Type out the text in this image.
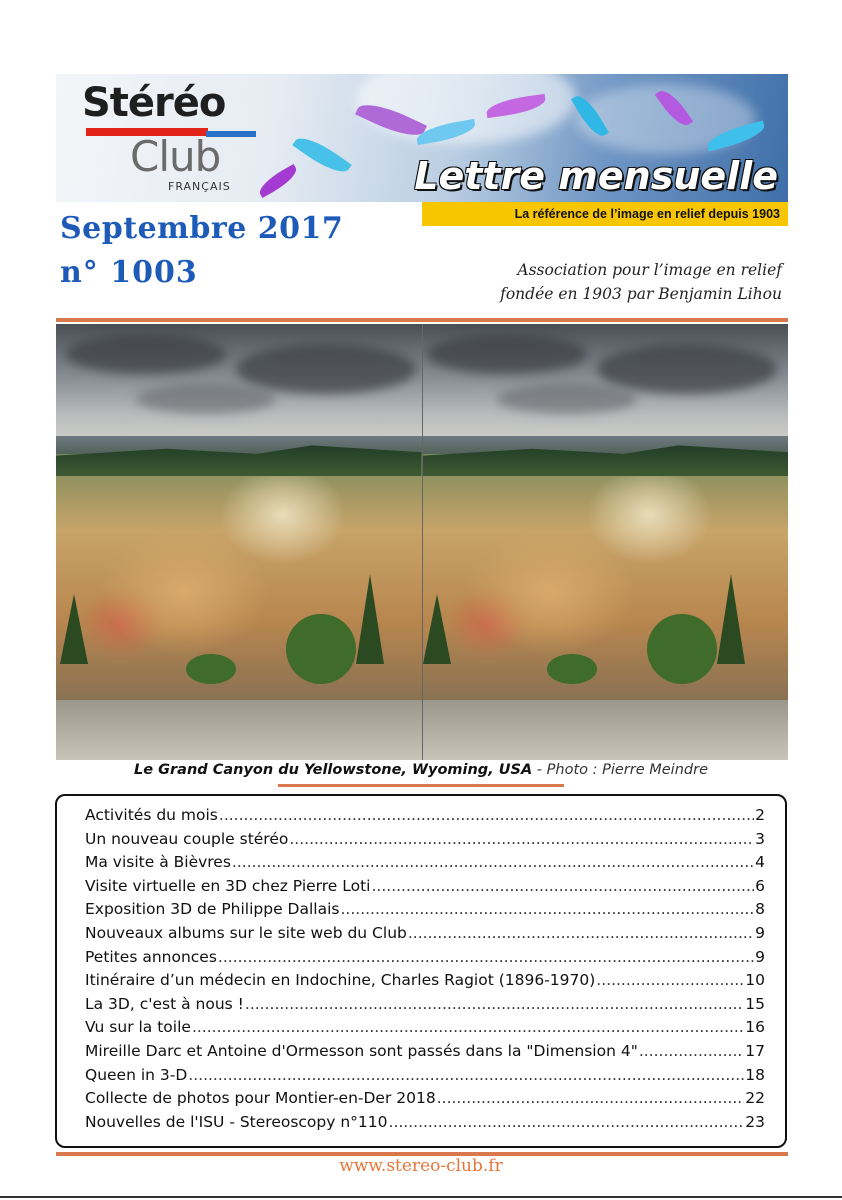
Stéréo
Club
FRANÇAIS	Lettre mensuelle
La référence de l’image en relief depuis 1903
Septembre 2017
n° 1003	Association pour l’image en relief
fondée en 1903 par Benjamin Lihou
Le Grand Canyon du Yellowstone, Wyoming, USA - Photo : Pierre Meindre
Activités du mois .....	2
Un nouveau couple stéréo .....	3
Ma visite à Bièvres .....	4
Visite virtuelle en 3D chez Pierre Loti .....	6
Exposition 3D de Philippe Dallais .....	8
Nouveaux albums sur le site web du Club .....	9
Petites annonces .....	9
Itinéraire d’un médecin en Indochine, Charles Ragiot (1896-1970) .....	10
La 3D, c'est à nous ! .....	15
Vu sur la toile .....	16
Mireille Darc et Antoine d'Ormesson sont passés dans la "Dimension 4" .....	17
Queen in 3-D .....	18
Collecte de photos pour Montier-en-Der 2018 .....	22
Nouvelles de l'ISU - Stereoscopy n°110 .....	23
www.stereo-club.fr
